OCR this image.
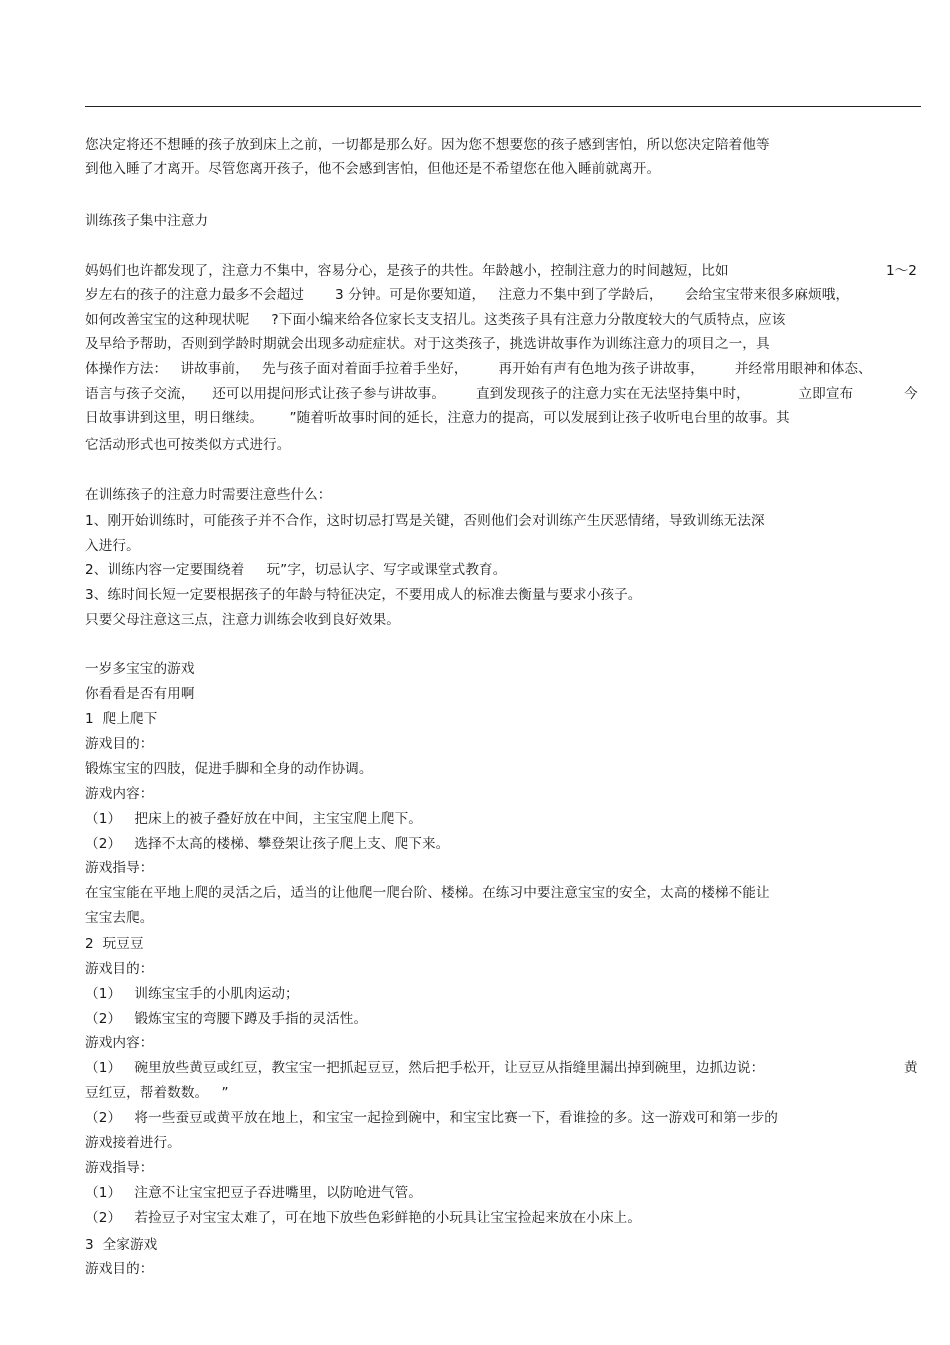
您决定将还不想睡的孩子放到床上之前，一切都是那么好。因为您不想要您的孩子感到害怕，所以您决定陪着他等
到他入睡了才离开。尽管您离开孩子，他不会感到害怕，但他还是不希望您在他入睡前就离开。
训练孩子集中注意力
妈妈们也许都发现了，注意力不集中，容易分心，是孩子的共性。年龄越小，控制注意力的时间越短，比如	1～2
岁左右的孩子的注意力最多不会超过       3 分钟。可是你要知道，   注意力不集中到了学龄后，     会给宝宝带来很多麻烦哦，
如何改善宝宝的这种现状呢     ?下面小编来给各位家长支支招儿。这类孩子具有注意力分散度较大的气质特点，应该
及早给予帮助，否则到学龄时期就会出现多动症症状。对于这类孩子，挑选讲故事作为训练注意力的项目之一，具
体操作方法：   讲故事前，   先与孩子面对着面手拉着手坐好，       再开始有声有色地为孩子讲故事，       并经常用眼神和体态、
语言与孩子交流，    还可以用提问形式让孩子参与讲故事。       直到发现孩子的注意力实在无法坚持集中时，           立即宣布	今
日故事讲到这里，明日继续。      ”随着听故事时间的延长，注意力的提高，可以发展到让孩子收听电台里的故事。其
它活动形式也可按类似方式进行。
在训练孩子的注意力时需要注意些什么：
1、刚开始训练时，可能孩子并不合作，这时切忌打骂是关键，否则他们会对训练产生厌恶情绪，导致训练无法深
入进行。
2、训练内容一定要围绕着     玩”字，切忌认字、写字或课堂式教育。
3、练时间长短一定要根据孩子的年龄与特征决定，不要用成人的标准去衡量与要求小孩子。
只要父母注意这三点，注意力训练会收到良好效果。
一岁多宝宝的游戏
你看看是否有用啊
1  爬上爬下
游戏目的：
锻炼宝宝的四肢，促进手脚和全身的动作协调。
游戏内容：
（1）   把床上的被子叠好放在中间，主宝宝爬上爬下。
（2）   选择不太高的楼梯、攀登架让孩子爬上支、爬下来。
游戏指导：
在宝宝能在平地上爬的灵活之后，适当的让他爬一爬台阶、楼梯。在练习中要注意宝宝的安全，太高的楼梯不能让
宝宝去爬。
2  玩豆豆
游戏目的：
（1）   训练宝宝手的小肌肉运动；
（2）   锻炼宝宝的弯腰下蹲及手指的灵活性。
游戏内容：
（1）   碗里放些黄豆或红豆，教宝宝一把抓起豆豆，然后把手松开，让豆豆从指缝里漏出掉到碗里，边抓边说：	黄
豆红豆，帮着数数。   ”
（2）   将一些蚕豆或黄平放在地上，和宝宝一起捡到碗中，和宝宝比赛一下，看谁捡的多。这一游戏可和第一步的
游戏接着进行。
游戏指导：
（1）   注意不让宝宝把豆子吞进嘴里，以防呛进气管。
（2）   若捡豆子对宝宝太难了，可在地下放些色彩鲜艳的小玩具让宝宝捡起来放在小床上。
3  全家游戏
游戏目的：
